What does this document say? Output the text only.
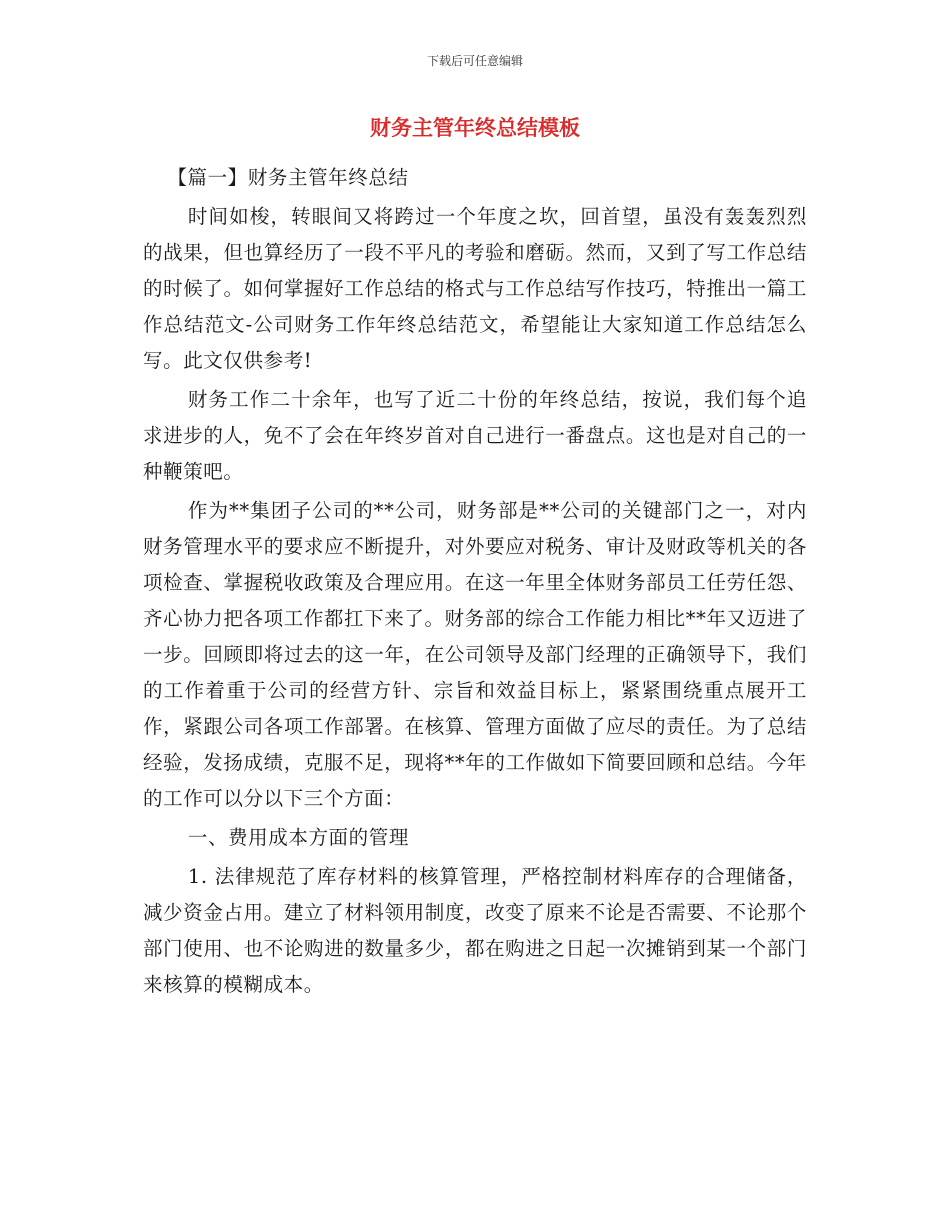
下载后可任意编辑
财务主管年终总结模板

【篇一】财务主管年终总结

时间如梭，转眼间又将跨过一个年度之坎，回首望，虽没有轰轰烈烈的战果，但也算经历了一段不平凡的考验和磨砺。然而，又到了写工作总结的时候了。如何掌握好工作总结的格式与工作总结写作技巧，特推出一篇工作总结范文-公司财务工作年终总结范文，希望能让大家知道工作总结怎么写。此文仅供参考!

财务工作二十余年，也写了近二十份的年终总结，按说，我们每个追求进步的人，免不了会在年终岁首对自己进行一番盘点。这也是对自己的一种鞭策吧。

作为**集团子公司的**公司，财务部是**公司的关键部门之一，对内财务管理水平的要求应不断提升，对外要应对税务、审计及财政等机关的各项检查、掌握税收政策及合理应用。在这一年里全体财务部员工任劳任怨、齐心协力把各项工作都扛下来了。财务部的综合工作能力相比**年又迈进了一步。回顾即将过去的这一年，在公司领导及部门经理的正确领导下，我们的工作着重于公司的经营方针、宗旨和效益目标上，紧紧围绕重点展开工作，紧跟公司各项工作部署。在核算、管理方面做了应尽的责任。为了总结经验，发扬成绩，克服不足，现将**年的工作做如下简要回顾和总结。今年的工作可以分以下三个方面：

一、费用成本方面的管理

1. 法律规范了库存材料的核算管理，严格控制材料库存的合理储备，减少资金占用。建立了材料领用制度，改变了原来不论是否需要、不论那个部门使用、也不论购进的数量多少，都在购进之日起一次摊销到某一个部门来核算的模糊成本。
